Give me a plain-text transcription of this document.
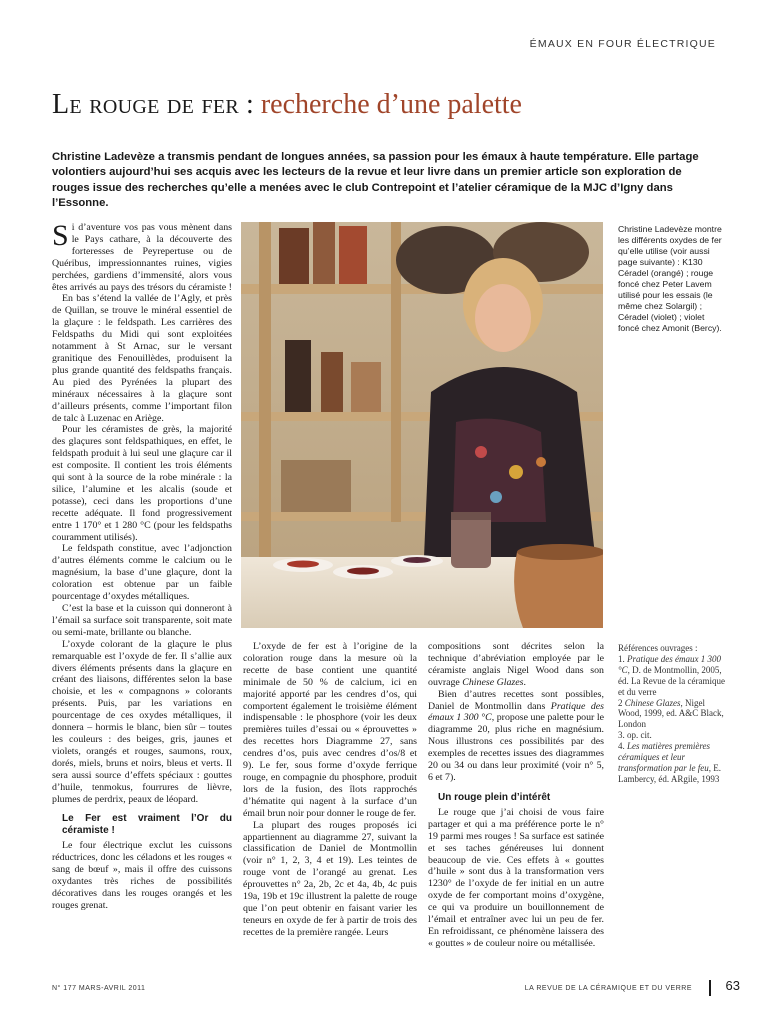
ÉMAUX EN FOUR ÉLECTRIQUE
Le rouge de fer : recherche d’une palette
Christine Ladevèze a transmis pendant de longues années, sa passion pour les émaux à haute température. Elle partage volontiers aujourd’hui ses acquis avec les lecteurs de la revue et leur livre dans un premier article son exploration de rouges issue des recherches qu’elle a menées avec le club Contrepoint et l’atelier céramique de la MJC d’Igny dans l’Essonne.

Si d’aventure vos pas vous mènent dans le Pays cathare, à la découverte des forteresses de Peyrepertuse ou de Quéribus, impressionnantes ruines, vigies perchées, gardiens d’immensité, alors vous êtes arrivés au pays des trésors du céramiste !

En bas s’étend la vallée de l’Agly, et près de Quillan, se trouve le minéral essentiel de la glaçure : le feldspath. Les carrières des Feldspaths du Midi qui sont exploitées notamment à St Arnac, sur le versant granitique des Fenouillèdes, produisent la plus grande quantité des feldspaths français. Au pied des Pyrénées la plupart des minéraux nécessaires à la glaçure sont d’ailleurs présents, comme l’important filon de talc à Luzenac en Ariège.

Pour les céramistes de grès, la majorité des glaçures sont feldspathiques, en effet, le feldspath produit à lui seul une glaçure car il est composite. Il contient les trois éléments qui sont à la source de la robe minérale : la silice, l’alumine et les alcalis (soude et potasse), ceci dans les proportions d’une recette adéquate. Il fond progressivement entre 1 170° et 1 280 °C (pour les feldspaths couramment utilisés).

Le feldspath constitue, avec l’adjonction d’autres éléments comme le calcium ou le magnésium, la base d’une glaçure, dont la coloration est obtenue par un faible pourcentage d’oxydes métalliques.

C’est la base et la cuisson qui donneront à l’émail sa surface soit transparente, soit mate ou semi-mate, brillante ou blanche.

L’oxyde colorant de la glaçure le plus remarquable est l’oxyde de fer. Il s’allie aux divers éléments présents dans la glaçure en créant des liaisons, différentes selon la base choisie, et les « compagnons » colorants présents. Puis, par les variations en pourcentage de ces oxydes métalliques, il donnera – hormis le blanc, bien sûr – toutes les couleurs : des beiges, gris, jaunes et violets, orangés et rouges, saumons, roux, dorés, miels, bruns et noirs, bleus et verts. Il sera aussi source d’effets spéciaux : gouttes d’huile, tenmokus, fourrures de lièvre, plumes de perdrix, peaux de léopard.

Le Fer est vraiment l’Or du céramiste !

Le four électrique exclut les cuissons réductrices, donc les céladons et les rouges « sang de bœuf », mais il offre des cuissons oxydantes très riches de possibilités décoratives dans les rouges orangés et les rouges grenat.

Christine Ladevèze montre les différents oxydes de fer qu’elle utilise (voir aussi page suivante) : K130 Céradel (orangé) ; rouge foncé chez Peter Lavem utilisé pour les essais (le même chez Solargil) ; Céradel (violet) ; violet foncé chez Amonit (Bercy).

L’oxyde de fer est à l’origine de la coloration rouge dans la mesure où la recette de base contient une quantité minimale de 50 % de calcium, ici en majorité apporté par les cendres d’os, qui comportent également le troisième élément indispensable : le phosphore (voir les deux premières tuiles d’essai ou « éprouvettes » des recettes hors Diagramme 27, sans cendres d’os, puis avec cendres d’os/8 et 9). Le fer, sous forme d’oxyde ferrique rouge, en compagnie du phosphore, produit lors de la fusion, des îlots rapprochés d’hématite qui nagent à la surface d’un émail brun noir pour donner le rouge de fer.

La plupart des rouges proposés ici appartiennent au diagramme 27, suivant la classification de Daniel de Montmollin (voir n° 1, 2, 3, 4 et 19). Les teintes de rouge vont de l’orangé au grenat. Les éprouvettes n° 2a, 2b, 2c et 4a, 4b, 4c puis 19a, 19b et 19c illustrent la palette de rouge que l’on peut obtenir en faisant varier les teneurs en oxyde de fer à partir de trois des recettes de la première rangée. Leurs

compositions sont décrites selon la technique d’abréviation employée par le céramiste anglais Nigel Wood dans son ouvrage Chinese Glazes.

Bien d’autres recettes sont possibles, Daniel de Montmollin dans Pratique des émaux 1 300 °C, propose une palette pour le diagramme 20, plus riche en magnésium. Nous illustrons ces possibilités par des exemples de recettes issues des diagrammes 20 ou 34 ou dans leur proximité (voir n° 5, 6 et 7).

Un rouge plein d’intérêt

Le rouge que j’ai choisi de vous faire partager et qui a ma préférence porte le n° 19 parmi mes rouges ! Sa surface est satinée et ses taches généreuses lui donnent beaucoup de vie. Ces effets à « gouttes d’huile » sont dus à la transformation vers 1230° de l’oxyde de fer initial en un autre oxyde de fer comportant moins d’oxygène, ce qui va produire un bouillonnement de l’émail et entraîner avec lui un peu de fer. En refroidissant, ce phénomène laissera des « gouttes » de couleur noire ou métallisée.

Références ouvrages :
1. Pratique des émaux 1 300 °C, D. de Montmollin, 2005, éd. La Revue de la céramique et du verre
2 Chinese Glazes, Nigel Wood, 1999, ed. A&C Black, London
3. op. cit.
4. Les matières premières céramiques et leur transformation par le feu, E. Lambercy, éd. ARgile, 1993
N° 177 MARS-AVRIL 2011	LA REVUE DE LA CÉRAMIQUE ET DU VERRE	63
